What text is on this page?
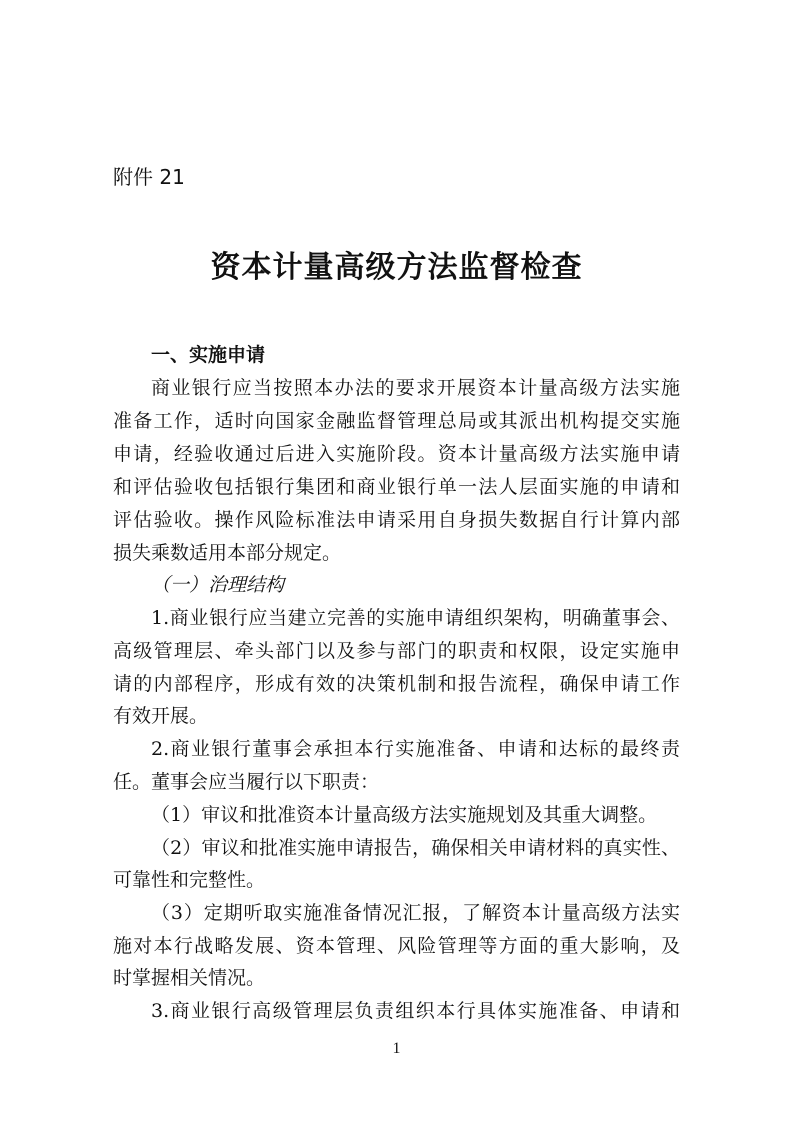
附件 21
资本计量高级方法监督检查
一、实施申请
商业银行应当按照本办法的要求开展资本计量高级方法实施
准备工作，适时向国家金融监督管理总局或其派出机构提交实施
申请，经验收通过后进入实施阶段。资本计量高级方法实施申请
和评估验收包括银行集团和商业银行单一法人层面实施的申请和
评估验收。操作风险标准法申请采用自身损失数据自行计算内部
损失乘数适用本部分规定。
（一）治理结构
1.商业银行应当建立完善的实施申请组织架构，明确董事会、
高级管理层、牵头部门以及参与部门的职责和权限，设定实施申
请的内部程序，形成有效的决策机制和报告流程，确保申请工作
有效开展。
2.商业银行董事会承担本行实施准备、申请和达标的最终责
任。董事会应当履行以下职责：
（1）审议和批准资本计量高级方法实施规划及其重大调整。
（2）审议和批准实施申请报告，确保相关申请材料的真实性、
可靠性和完整性。
（3）定期听取实施准备情况汇报，了解资本计量高级方法实
施对本行战略发展、资本管理、风险管理等方面的重大影响，及
时掌握相关情况。
3.商业银行高级管理层负责组织本行具体实施准备、申请和
1
